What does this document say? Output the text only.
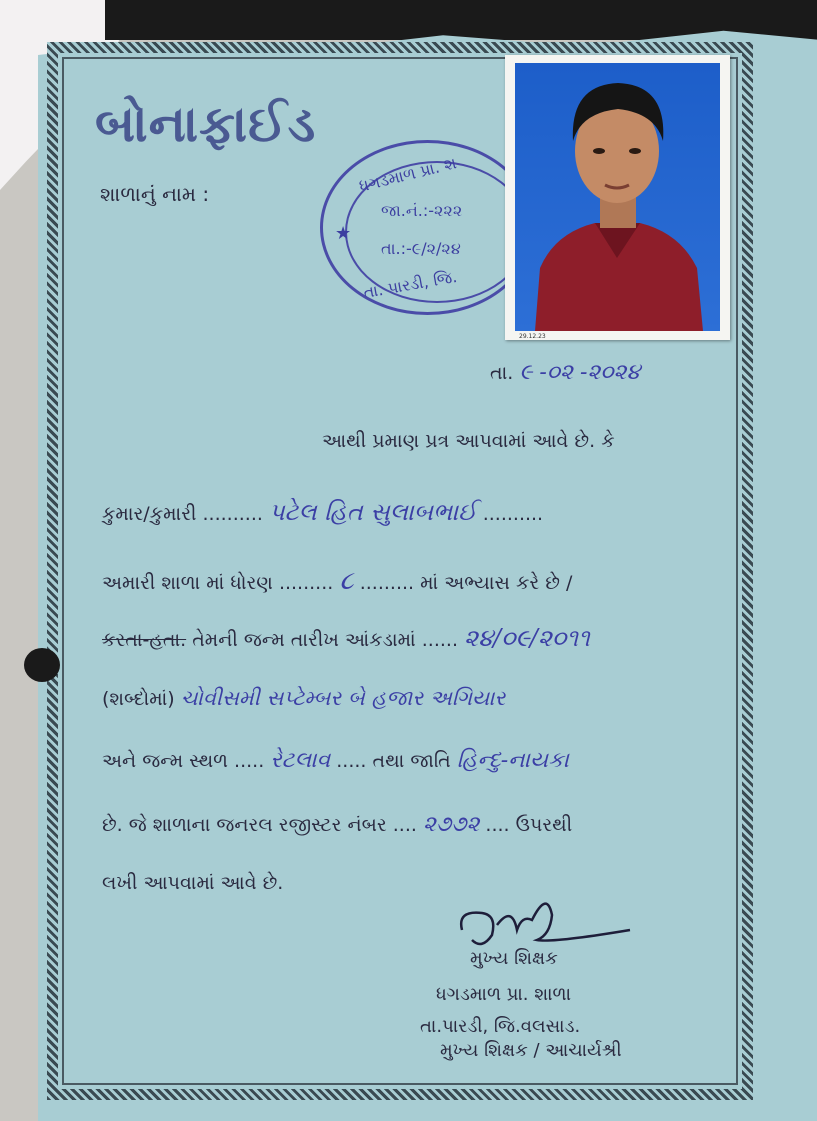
બોનાફાઈડ
શાળાનું નામ :	ધગડમાળ પ્રા. શ
જા.નં.:-૨૨૨
તા.:-૯/૨/૨૪
તા. પારડી, જિ.
★
29.12.23
તા. ૯ -૦૨ -૨૦૨૪
આથી પ્રમાણ પ્રત્ર આપવામાં આવે છે. કે
કુમાર/કુમારી .......... પટેલ હિત સુલાબભાઈ ..........
અમારી શાળા માં ધોરણ ......... ૮ ......... માં અભ્યાસ કરે છે /
કરતા-હતા. તેમની જન્મ તારીખ આંકડામાં ...... ૨૪/૦૯/૨૦૧૧
(શબ્દોમાં) ચોવીસમી સપ્ટેમ્બર બે હજાર અગિયાર
અને જન્મ સ્થળ ..... રેટલાવ ..... તથા જાતિ હિન્દુ-નાયકા
છે. જે શાળાના જનરલ રજીસ્ટર નંબર .... ૨૭૭૨ .... ઉપરથી
લખી આપવામાં આવે છે.
મુખ્ય શિક્ષક
ધગડમાળ પ્રા. શાળા
તા.પારડી, જિ.વલસાડ.
મુખ્ય શિક્ષક / આચાર્યશ્રી
